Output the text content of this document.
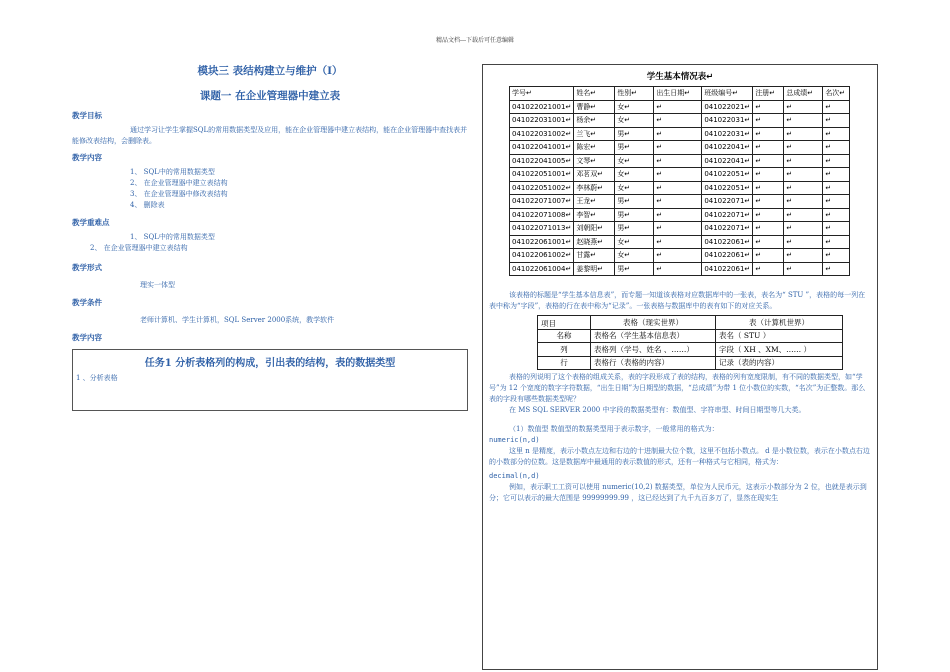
精品文档---下载后可任意编辑
模块三 表结构建立与维护（I）
课题一 在企业管理器中建立表
教学目标
通过学习让学生掌握SQL的常用数据类型及应用，能在企业管理器中建立表结构，能在企业管理器中查找表并能修改表结构，会删除表。
教学内容
1、 SQL中的常用数据类型
2、 在企业管理器中建立表结构
3、 在企业管理器中修改表结构
4、 删除表
教学重难点
1、 SQL中的常用数据类型
2、 在企业管理器中建立表结构
教学形式
理实一体型
教学条件
老师计算机、学生计算机，SQL Server 2000系统，教学软件
教学内容
任务1 分析表格列的构成，引出表的结构，表的数据类型
1 、分析表格
学生基本情况表↵
学号↵	姓名↵	性别↵	出生日期↵	班级编号↵	注册↵	总成绩↵	名次↵
041022021001↵	曹静↵	女↵	↵	041022021↵	↵	↵	↵
041022031001↵	杨余↵	女↵	↵	041022031↵	↵	↵	↵
041022031002↵	兰飞↵	男↵	↵	041022031↵	↵	↵	↵
041022041001↵	陈宏↵	男↵	↵	041022041↵	↵	↵	↵
041022041005↵	文琴↵	女↵	↵	041022041↵	↵	↵	↵
041022051001↵	邓茗双↵	女↵	↵	041022051↵	↵	↵	↵
041022051002↵	李林蔚↵	女↵	↵	041022051↵	↵	↵	↵
041022071007↵	王龙↵	男↵	↵	041022071↵	↵	↵	↵
041022071008↵	李智↵	男↵	↵	041022071↵	↵	↵	↵
041022071013↵	刘朝阳↵	男↵	↵	041022071↵	↵	↵	↵
041022061001↵	赵晓燕↵	女↵	↵	041022061↵	↵	↵	↵
041022061002↵	甘露↵	女↵	↵	041022061↵	↵	↵	↵
041022061004↵	姜黎明↵	男↵	↵	041022061↵	↵	↵	↵
该表格的标题是“学生基本信息表”，而专题一知道该表格对应数据库中的一张表，表名为“ STU ”，表格的每一列在表中称为“字段”，表格的行在表中称为“记录”。一张表格与数据库中的表有如下的对应关系。
项目	表格（现实世界）	表（计算机世界）
名称	表格名（学生基本信息表）	表名（ STU ）
列	表格列（学号、姓名 、……）	字段（ XH 、XM、…… ）
行	表格行（表格的内容）	记录（表的内容）
表格的列说明了这个表格的组成关系，表的字段形成了表的结构，表格的列有宽度限制，有不同的数据类型，如“学号”为 12 个宽度的数字字符数据，“出生日期”为日期型的数据，“总成绩”为带 1 位小数位的实数，“名次”为正整数。那么表的字段有哪些数据类型呢？
在 MS SQL SERVER 2000 中字段的数据类型有：数值型、字符串型、时间日期型等几大类。
（1）数值型 数值型的数据类型用于表示数字，一般常用的格式为：
numeric(n,d)
这里 n 是精度，表示小数点左边和右边的十进制最大位个数，这里不包括小数点。 d 是小数位数，表示在小数点右边的小数部分的位数。这是数据库中最通用的表示数值的形式，还有一种格式与它相同，格式为：
decimal(n,d)
例如，表示职工工资可以使用 numeric(10,2) 数据类型，单位为人民币元，这表示小数部分为 2 位，也就是表示到分；它可以表示的最大范围是 99999999.99 ，这已经达到了九千九百多万了，显然在现实生
